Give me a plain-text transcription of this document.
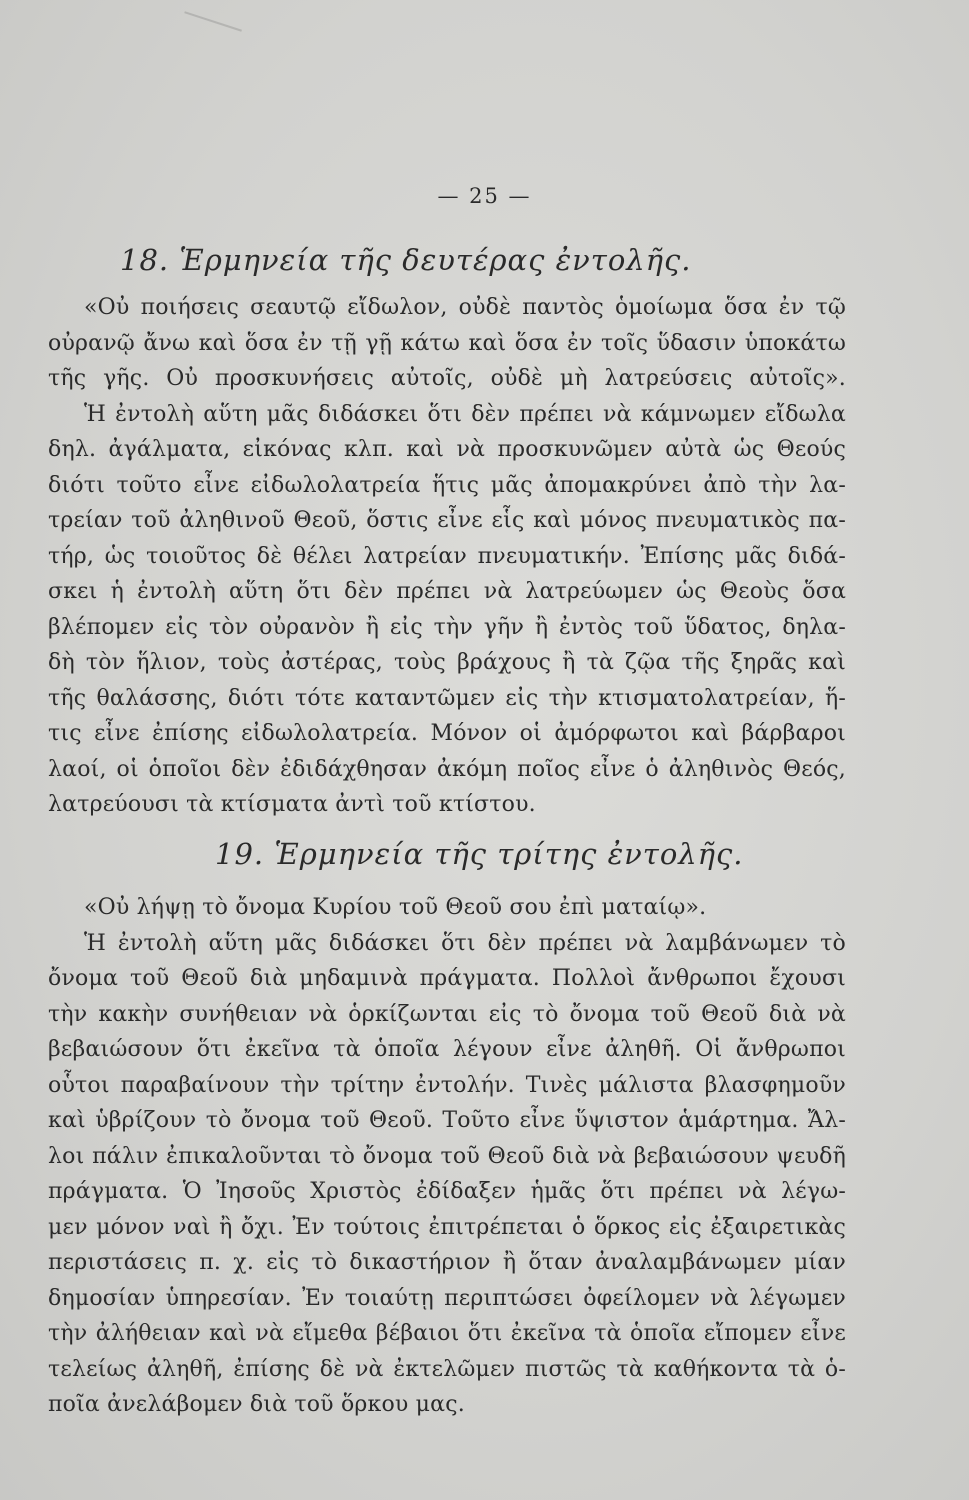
— 25 —
18. Ἑρμηνεία τῆς δευτέρας ἐντολῆς.
«Οὐ ποιήσεις σεαυτῷ εἴδωλον, οὐδὲ παντὸς ὁμοίωμα ὅσα ἐν τῷ
οὐρανῷ ἄνω καὶ ὅσα ἐν τῇ γῇ κάτω καὶ ὅσα ἐν τοῖς ὕδασιν ὑποκάτω
τῆς γῆς. Οὐ προσκυνήσεις αὐτοῖς, οὐδὲ μὴ λατρεύσεις αὐτοῖς».
Ἡ ἐντολὴ αὕτη μᾶς διδάσκει ὅτι δὲν πρέπει νὰ κάμνωμεν εἴδωλα
δηλ. ἀγάλματα, εἰκόνας κλπ. καὶ νὰ προσκυνῶμεν αὐτὰ ὡς Θεούς
διότι τοῦτο εἶνε εἰδωλολατρεία ἥτις μᾶς ἀπομακρύνει ἀπὸ τὴν λα-
τρείαν τοῦ ἀληθινοῦ Θεοῦ, ὅστις εἶνε εἷς καὶ μόνος πνευματικὸς πα-
τήρ, ὡς τοιοῦτος δὲ θέλει λατρείαν πνευματικήν. Ἐπίσης μᾶς διδά-
σκει ἡ ἐντολὴ αὕτη ὅτι δὲν πρέπει νὰ λατρεύωμεν ὡς Θεοὺς ὅσα
βλέπομεν εἰς τὸν οὐρανὸν ἢ εἰς τὴν γῆν ἢ ἐντὸς τοῦ ὕδατος, δηλα-
δὴ τὸν ἥλιον, τοὺς ἀστέρας, τοὺς βράχους ἢ τὰ ζῷα τῆς ξηρᾶς καὶ
τῆς θαλάσσης, διότι τότε καταντῶμεν εἰς τὴν κτισματολατρείαν, ἥ-
τις εἶνε ἐπίσης εἰδωλολατρεία. Μόνον οἱ ἀμόρφωτοι καὶ βάρβαροι
λαοί, οἱ ὁποῖοι δὲν ἐδιδάχθησαν ἀκόμη ποῖος εἶνε ὁ ἀληθινὸς Θεός,
λατρεύουσι τὰ κτίσματα ἀντὶ τοῦ κτίστου.
19. Ἑρμηνεία τῆς τρίτης ἐντολῆς.
«Οὐ λήψῃ τὸ ὄνομα Κυρίου τοῦ Θεοῦ σου ἐπὶ ματαίῳ».
Ἡ ἐντολὴ αὕτη μᾶς διδάσκει ὅτι δὲν πρέπει νὰ λαμβάνωμεν τὸ
ὄνομα τοῦ Θεοῦ διὰ μηδαμινὰ πράγματα. Πολλοὶ ἄνθρωποι ἔχουσι
τὴν κακὴν συνήθειαν νὰ ὁρκίζωνται εἰς τὸ ὄνομα τοῦ Θεοῦ διὰ νὰ
βεβαιώσουν ὅτι ἐκεῖνα τὰ ὁποῖα λέγουν εἶνε ἀληθῆ. Οἱ ἄνθρωποι
οὗτοι παραβαίνουν τὴν τρίτην ἐντολήν. Τινὲς μάλιστα βλασφημοῦν
καὶ ὑβρίζουν τὸ ὄνομα τοῦ Θεοῦ. Τοῦτο εἶνε ὕψιστον ἁμάρτημα. Ἄλ-
λοι πάλιν ἐπικαλοῦνται τὸ ὄνομα τοῦ Θεοῦ διὰ νὰ βεβαιώσουν ψευδῆ
πράγματα. Ὁ Ἰησοῦς Χριστὸς ἐδίδαξεν ἡμᾶς ὅτι πρέπει νὰ λέγω-
μεν μόνον ναὶ ἢ ὄχι. Ἐν τούτοις ἐπιτρέπεται ὁ ὅρκος εἰς ἐξαιρετικὰς
περιστάσεις π. χ. εἰς τὸ δικαστήριον ἢ ὅταν ἀναλαμβάνωμεν μίαν
δημοσίαν ὑπηρεσίαν. Ἐν τοιαύτῃ περιπτώσει ὀφείλομεν νὰ λέγωμεν
τὴν ἀλήθειαν καὶ νὰ εἴμεθα βέβαιοι ὅτι ἐκεῖνα τὰ ὁποῖα εἴπομεν εἶνε
τελείως ἀληθῆ, ἐπίσης δὲ νὰ ἐκτελῶμεν πιστῶς τὰ καθήκοντα τὰ ὁ-
ποῖα ἀνελάβομεν διὰ τοῦ ὅρκου μας.
